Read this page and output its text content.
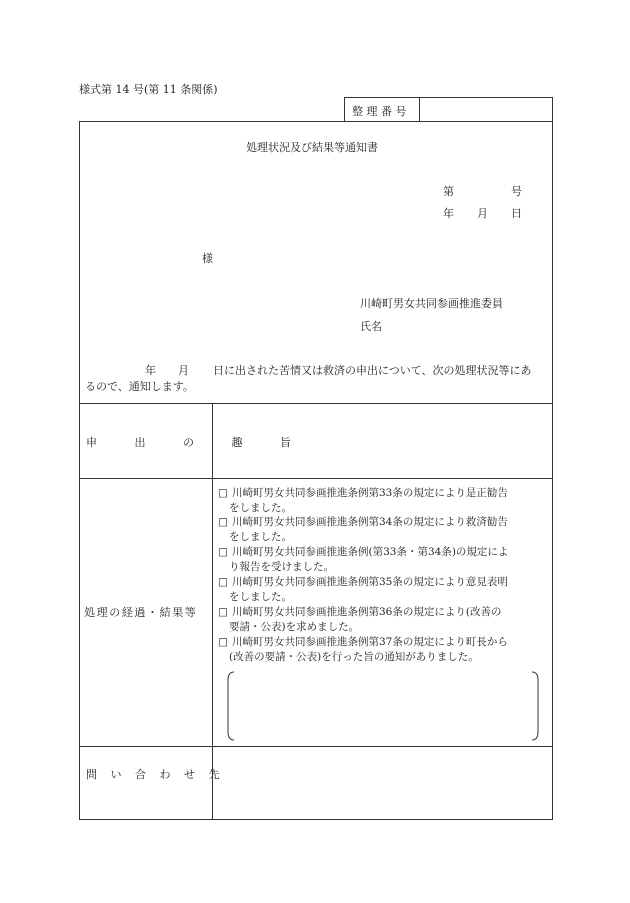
様式第 14 号(第 11 条関係)
整 理 番 号
処理状況及び結果等通知書
第	号
年 月 日
様
川崎町男女共同参画推進委員
氏名
年 月 日に出された苦情又は救済の申出について、次の処理状況等にあ
るので、通知します。
申 出 の 趣 旨
処理の経過・結果等
問 い 合 わ せ 先
□ 川崎町男女共同参画推進条例第33条の規定により是正勧告
をしました。
□ 川崎町男女共同参画推進条例第34条の規定により救済勧告
をしました。
□ 川崎町男女共同参画推進条例(第33条・第34条)の規定によ
り報告を受けました。
□ 川崎町男女共同参画推進条例第35条の規定により意見表明
をしました。
□ 川崎町男女共同参画推進条例第36条の規定により(改善の
要請・公表)を求めました。
□ 川崎町男女共同参画推進条例第37条の規定により町長から
(改善の要請・公表)を行った旨の通知がありました。
